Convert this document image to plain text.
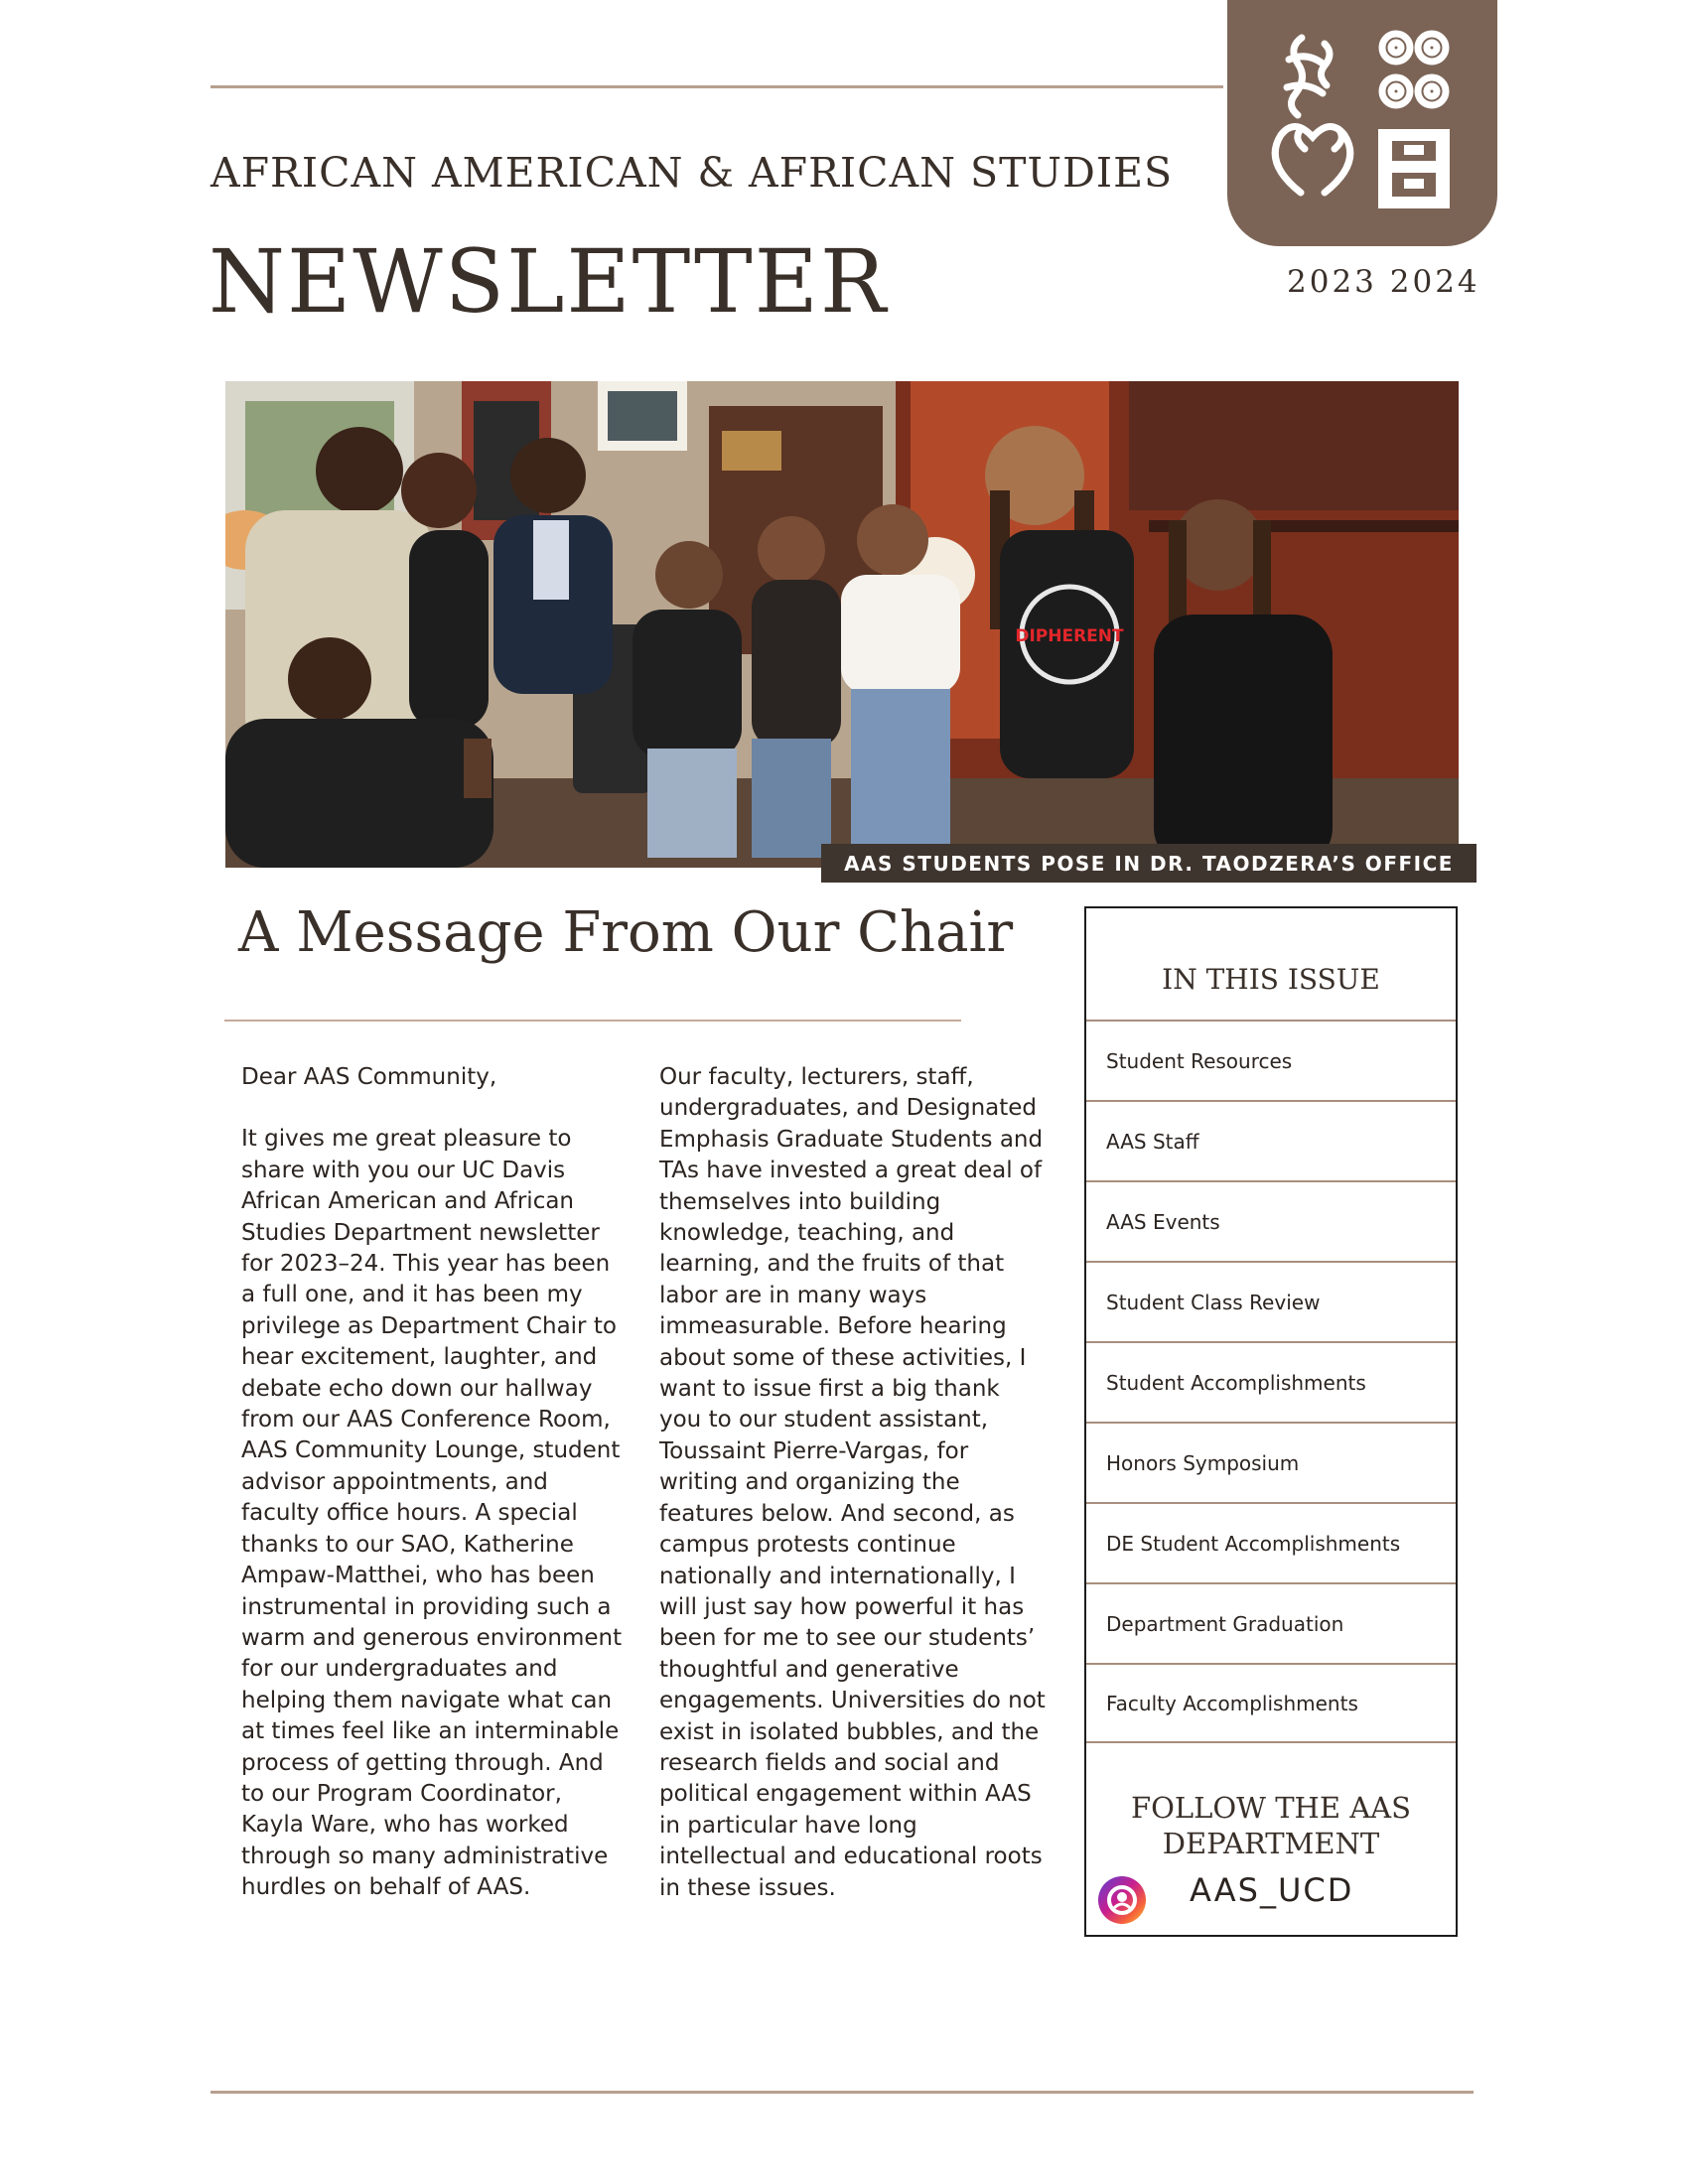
AFRICAN AMERICAN & AFRICAN STUDIES
NEWSLETTER	2023 2024
DIPHERENT
AAS STUDENTS POSE IN DR. TAODZERA’S OFFICE
A Message From Our Chair

Dear AAS Community,

It gives me great pleasure to share with you our UC Davis African American and African Studies Department newsletter for 2023–24. This year has been a full one, and it has been my privilege as Department Chair to hear excitement, laughter, and debate echo down our hallway from our AAS Conference Room, AAS Community Lounge, student advisor appointments, and faculty office hours. A special thanks to our SAO, Katherine Ampaw-Matthei, who has been instrumental in providing such a warm and generous environment for our undergraduates and helping them navigate what can at times feel like an interminable process of getting through. And to our Program Coordinator, Kayla Ware, who has worked through so many administrative hurdles on behalf of AAS.

Our faculty, lecturers, staff, undergraduates, and Designated Emphasis Graduate Students and TAs have invested a great deal of themselves into building knowledge, teaching, and learning, and the fruits of that labor are in many ways immeasurable. Before hearing about some of these activities, I want to issue first a big thank you to our student assistant, Toussaint Pierre-Vargas, for writing and organizing the features below. And second, as campus protests continue nationally and internationally, I will just say how powerful it has been for me to see our students’ thoughtful and generative engagements. Universities do not exist in isolated bubbles, and the research fields and social and political engagement within AAS in particular have long intellectual and educational roots in these issues.

IN THIS ISSUE
Student Resources
AAS Staff
AAS Events
Student Class Review
Student Accomplishments
Honors Symposium
DE Student Accomplishments
Department Graduation
Faculty Accomplishments
FOLLOW THE AAS
DEPARTMENT
AAS_UCD
